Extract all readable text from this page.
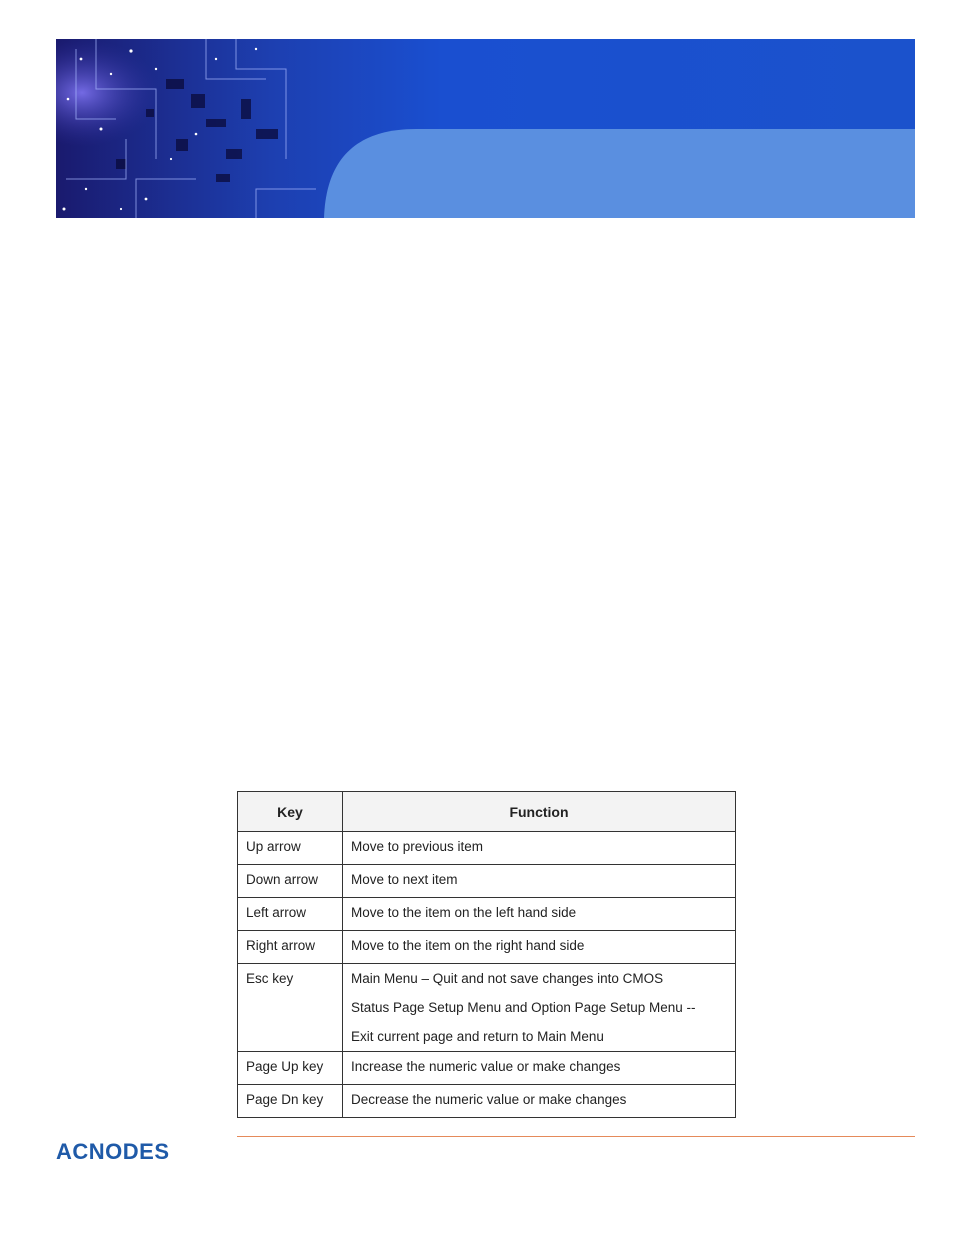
Key	Function
Up arrow	Move to previous item

Down arrow	Move to next item

Left arrow	Move to the item on the left hand side

Right arrow	Move to the item on the right hand side

Esc key	Main Menu – Quit and not save changes into CMOS
Status Page Setup Menu and Option Page Setup Menu --
Exit current page and return to Main Menu

Page Up key	Increase the numeric value or make changes

Page Dn key	Decrease the numeric value or make changes
ACNODES
